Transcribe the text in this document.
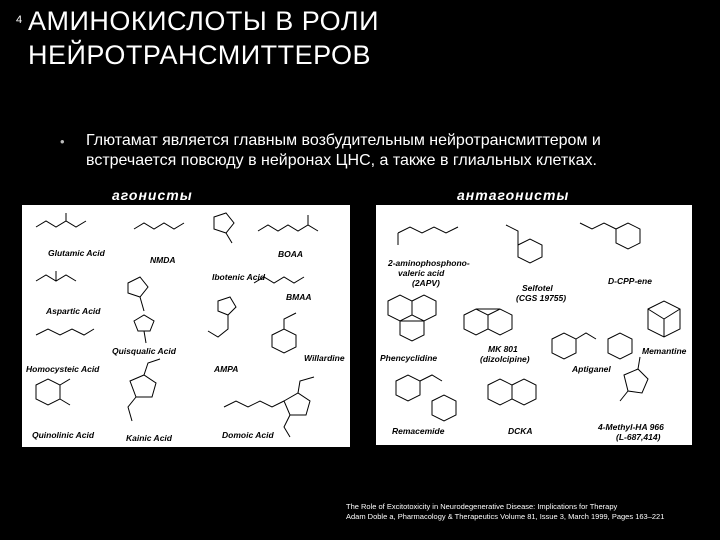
4 АМИНОКИСЛОТЫ В РОЛИ
НЕЙРОТРАНСМИТТЕРОВ
• Глютамат является главным возбудительным нейротрансмиттером и встречается повсюду в нейронах ЦНС, а также в глиальных клетках.
агонисты	антагонисты
Glutamic Acid
NMDA
Ibotenic Acid
BOAA
Aspartic Acid
BMAA
Quisqualic Acid
Homocysteic Acid	AMPA
Willardine
Quinolinic Acid	Kainic Acid	Domoic Acid
2-aminophosphono-
valeric acid
(2APV)	Selfotel
(CGS 19755)
D-CPP-ene
Phencyclidine
MK 801
(dizolcipine)
Aptiganel
Memantine
Remacemide	DCKA	4-Methyl-HA 966
(L-687,414)
The Role of Excitotoxicity in Neurodegenerative Disease: Implications for Therapy
Adam Doble a, Pharmacology & Therapeutics Volume 81, Issue 3, March 1999, Pages 163–221
